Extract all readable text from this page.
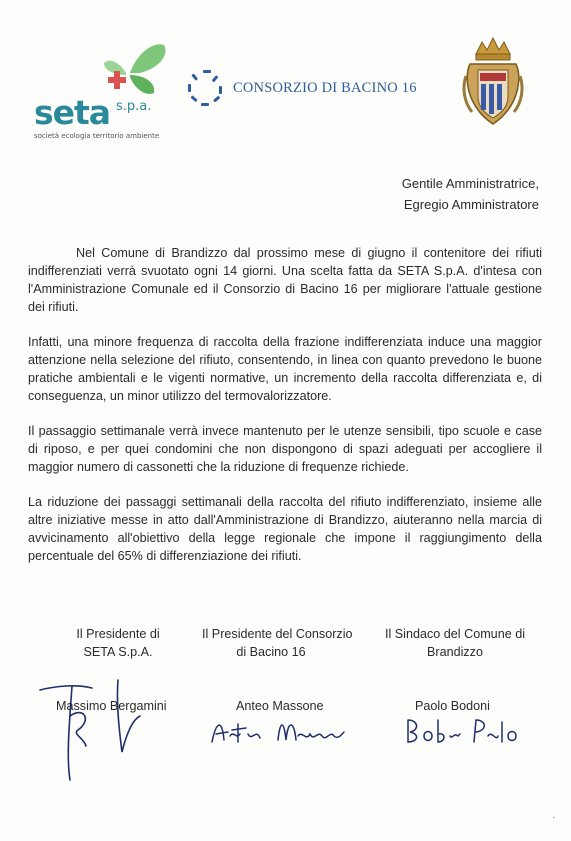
seta s.p.a.
società ecologia territorio ambiente
CONSORZIO DI BACINO 16
Gentile Amministratrice,
Egregio Amministratore

Nel Comune di Brandizzo dal prossimo mese di giugno il contenitore dei rifiuti indifferenziati verrà svuotato ogni 14 giorni. Una scelta fatta da SETA S.p.A. d'intesa con l'Amministrazione Comunale ed il Consorzio di Bacino 16 per migliorare l'attuale gestione dei rifiuti.

Infatti, una minore frequenza di raccolta della frazione indifferenziata induce una maggior attenzione nella selezione del rifiuto, consentendo, in linea con quanto prevedono le buone pratiche ambientali e le vigenti normative, un incremento della raccolta differenziata e, di conseguenza, un minor utilizzo del termovalorizzatore.

Il passaggio settimanale verrà invece mantenuto per le utenze sensibili, tipo scuole e case di riposo, e per quei condomini che non dispongono di spazi adeguati per accogliere il maggior numero di cassonetti che la riduzione di frequenze richiede.

La riduzione dei passaggi settimanali della raccolta del rifiuto indifferenziato, insieme alle altre iniziative messe in atto dall'Amministrazione di Brandizzo, aiuteranno nella marcia di avvicinamento all'obiettivo della legge regionale che impone il raggiungimento della percentuale del 65% di differenziazione dei rifiuti.

Il Presidente di
SETA S.p.A.
Massimo Bergamini
Il Presidente del Consorzio
di Bacino 16
Anteo Massone
Il Sindaco del Comune di
Brandizzo
Paolo Bodoni
·
